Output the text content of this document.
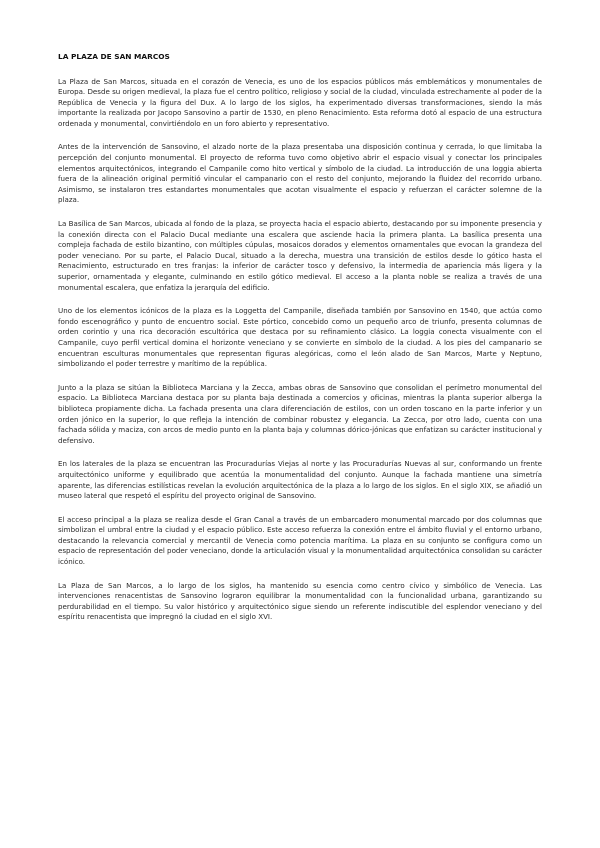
LA PLAZA DE SAN MARCOS

La Plaza de San Marcos, situada en el corazón de Venecia, es uno de los espacios públicos más emblemáticos y monumentales de Europa. Desde su origen medieval, la plaza fue el centro político, religioso y social de la ciudad, vinculada estrechamente al poder de la República de Venecia y la figura del Dux. A lo largo de los siglos, ha experimentado diversas transformaciones, siendo la más importante la realizada por Jacopo Sansovino a partir de 1530, en pleno Renacimiento. Esta reforma dotó al espacio de una estructura ordenada y monumental, convirtiéndolo en un foro abierto y representativo.

Antes de la intervención de Sansovino, el alzado norte de la plaza presentaba una disposición continua y cerrada, lo que limitaba la percepción del conjunto monumental. El proyecto de reforma tuvo como objetivo abrir el espacio visual y conectar los principales elementos arquitectónicos, integrando el Campanile como hito vertical y símbolo de la ciudad. La introducción de una loggia abierta fuera de la alineación original permitió vincular el campanario con el resto del conjunto, mejorando la fluidez del recorrido urbano. Asimismo, se instalaron tres estandartes monumentales que acotan visualmente el espacio y refuerzan el carácter solemne de la plaza.

La Basílica de San Marcos, ubicada al fondo de la plaza, se proyecta hacia el espacio abierto, destacando por su imponente presencia y la conexión directa con el Palacio Ducal mediante una escalera que asciende hacia la primera planta. La basílica presenta una compleja fachada de estilo bizantino, con múltiples cúpulas, mosaicos dorados y elementos ornamentales que evocan la grandeza del poder veneciano. Por su parte, el Palacio Ducal, situado a la derecha, muestra una transición de estilos desde lo gótico hasta el Renacimiento, estructurado en tres franjas: la inferior de carácter tosco y defensivo, la intermedia de apariencia más ligera y la superior, ornamentada y elegante, culminando en estilo gótico medieval. El acceso a la planta noble se realiza a través de una monumental escalera, que enfatiza la jerarquía del edificio.

Uno de los elementos icónicos de la plaza es la Loggetta del Campanile, diseñada también por Sansovino en 1540, que actúa como fondo escenográfico y punto de encuentro social. Este pórtico, concebido como un pequeño arco de triunfo, presenta columnas de orden corintio y una rica decoración escultórica que destaca por su refinamiento clásico. La loggia conecta visualmente con el Campanile, cuyo perfil vertical domina el horizonte veneciano y se convierte en símbolo de la ciudad. A los pies del campanario se encuentran esculturas monumentales que representan figuras alegóricas, como el león alado de San Marcos, Marte y Neptuno, simbolizando el poder terrestre y marítimo de la república.

Junto a la plaza se sitúan la Biblioteca Marciana y la Zecca, ambas obras de Sansovino que consolidan el perímetro monumental del espacio. La Biblioteca Marciana destaca por su planta baja destinada a comercios y oficinas, mientras la planta superior alberga la biblioteca propiamente dicha. La fachada presenta una clara diferenciación de estilos, con un orden toscano en la parte inferior y un orden jónico en la superior, lo que refleja la intención de combinar robustez y elegancia. La Zecca, por otro lado, cuenta con una fachada sólida y maciza, con arcos de medio punto en la planta baja y columnas dórico-jónicas que enfatizan su carácter institucional y defensivo.

En los laterales de la plaza se encuentran las Procuradurías Viejas al norte y las Procuradurías Nuevas al sur, conformando un frente arquitectónico uniforme y equilibrado que acentúa la monumentalidad del conjunto. Aunque la fachada mantiene una simetría aparente, las diferencias estilísticas revelan la evolución arquitectónica de la plaza a lo largo de los siglos. En el siglo XIX, se añadió un museo lateral que respetó el espíritu del proyecto original de Sansovino.

El acceso principal a la plaza se realiza desde el Gran Canal a través de un embarcadero monumental marcado por dos columnas que simbolizan el umbral entre la ciudad y el espacio público. Este acceso refuerza la conexión entre el ámbito fluvial y el entorno urbano, destacando la relevancia comercial y mercantil de Venecia como potencia marítima. La plaza en su conjunto se configura como un espacio de representación del poder veneciano, donde la articulación visual y la monumentalidad arquitectónica consolidan su carácter icónico.

La Plaza de San Marcos, a lo largo de los siglos, ha mantenido su esencia como centro cívico y simbólico de Venecia. Las intervenciones renacentistas de Sansovino lograron equilibrar la monumentalidad con la funcionalidad urbana, garantizando su perdurabilidad en el tiempo. Su valor histórico y arquitectónico sigue siendo un referente indiscutible del esplendor veneciano y del espíritu renacentista que impregnó la ciudad en el siglo XVI.
